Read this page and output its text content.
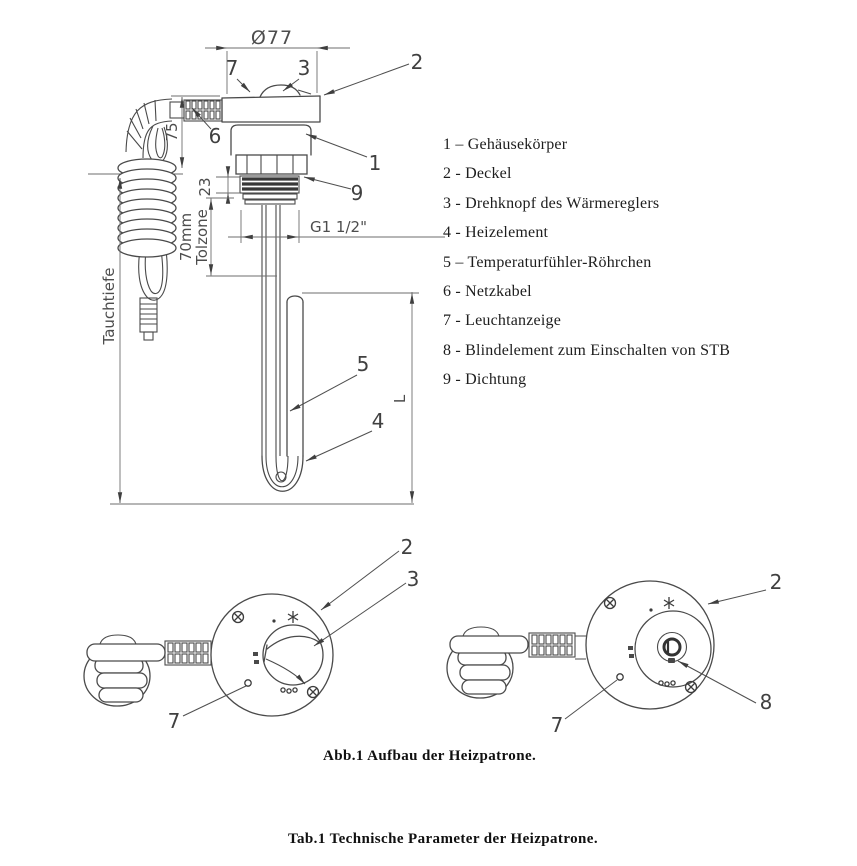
Ø77
75
23
70mm
Tolzone
Tauchtiefe
G1 1/2"
L
7	3	2
6
1
9
5
4
2
3
7
2
8
7
1 – Gehäusekörper
2 - Deckel
3 - Drehknopf des Wärmereglers
4 - Heizelement
5 – Temperaturfühler-Röhrchen
6 - Netzkabel
7 - Leuchtanzeige
8 - Blindelement zum Einschalten von STB
9 - Dichtung
Abb.1 Aufbau der Heizpatrone.
Tab.1 Technische Parameter der Heizpatrone.
